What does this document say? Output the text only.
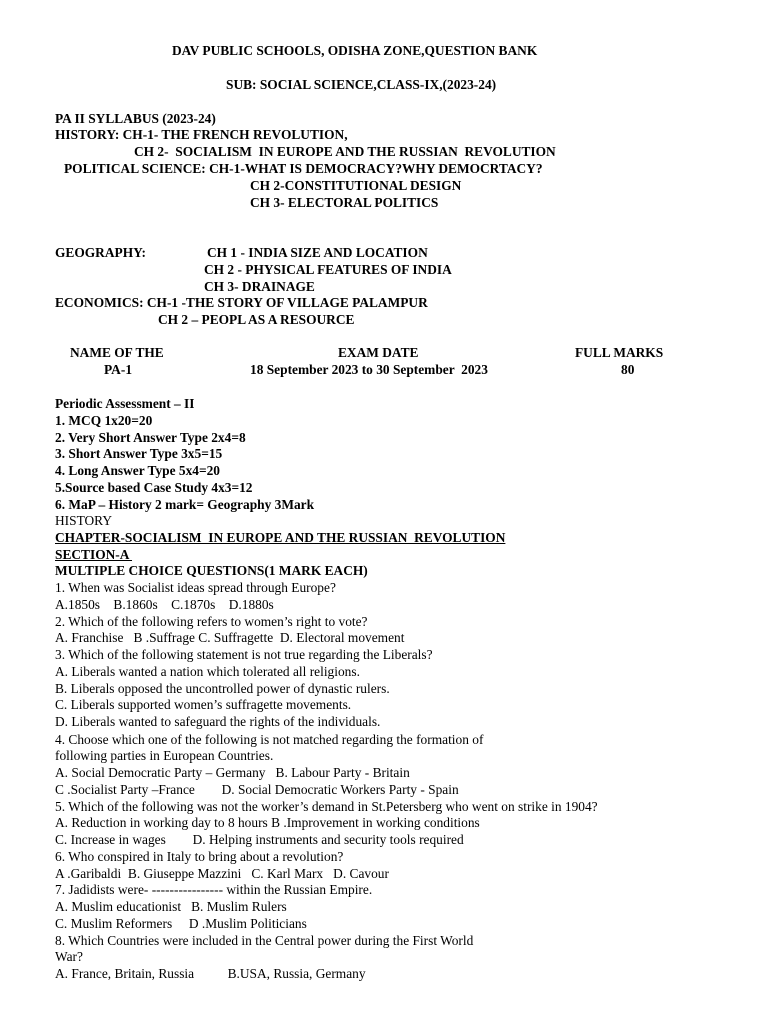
DAV PUBLIC SCHOOLS, ODISHA ZONE,QUESTION BANK
SUB: SOCIAL SCIENCE,CLASS-IX,(2023-24)
PA II SYLLABUS (2023-24)
HISTORY: CH-1- THE FRENCH REVOLUTION,
CH 2-  SOCIALISM  IN EUROPE AND THE RUSSIAN  REVOLUTION
POLITICAL SCIENCE: CH-1-WHAT IS DEMOCRACY?WHY DEMOCRTACY?
CH 2-CONSTITUTIONAL DESIGN
CH 3- ELECTORAL POLITICS
GEOGRAPHY:	CH 1 - INDIA SIZE AND LOCATION
CH 2 - PHYSICAL FEATURES OF INDIA
CH 3- DRAINAGE
ECONOMICS: CH-1 -THE STORY OF VILLAGE PALAMPUR
CH 2 – PEOPL AS A RESOURCE
NAME OF THE	EXAM DATE	FULL MARKS
PA-1	18 September 2023 to 30 September  2023	80
Periodic Assessment – II
1. MCQ 1x20=20
2. Very Short Answer Type 2x4=8
3. Short Answer Type 3x5=15
4. Long Answer Type 5x4=20
5.Source based Case Study 4x3=12
6. MaP – History 2 mark= Geography 3Mark
HISTORY
CHAPTER-SOCIALISM  IN EUROPE AND THE RUSSIAN  REVOLUTION
SECTION-A
MULTIPLE CHOICE QUESTIONS(1 MARK EACH)
1. When was Socialist ideas spread through Europe?
A.1850s    B.1860s    C.1870s    D.1880s
2. Which of the following refers to women’s right to vote?
A. Franchise   B .Suffrage C. Suffragette  D. Electoral movement
3. Which of the following statement is not true regarding the Liberals?
A. Liberals wanted a nation which tolerated all religions.
B. Liberals opposed the uncontrolled power of dynastic rulers.
C. Liberals supported women’s suffragette movements.
D. Liberals wanted to safeguard the rights of the individuals.
4. Choose which one of the following is not matched regarding the formation of
following parties in European Countries.
A. Social Democratic Party – Germany   B. Labour Party - Britain
C .Socialist Party –France        D. Social Democratic Workers Party - Spain
5. Which of the following was not the worker’s demand in St.Petersberg who went on strike in 1904?
A. Reduction in working day to 8 hours B .Improvement in working conditions
C. Increase in wages        D. Helping instruments and security tools required
6. Who conspired in Italy to bring about a revolution?
A .Garibaldi  B. Giuseppe Mazzini   C. Karl Marx   D. Cavour
7. Jadidists were- ---------------- within the Russian Empire.
A. Muslim educationist   B. Muslim Rulers
C. Muslim Reformers     D .Muslim Politicians
8. Which Countries were included in the Central power during the First World
War?
A. France, Britain, Russia          B.USA, Russia, Germany
